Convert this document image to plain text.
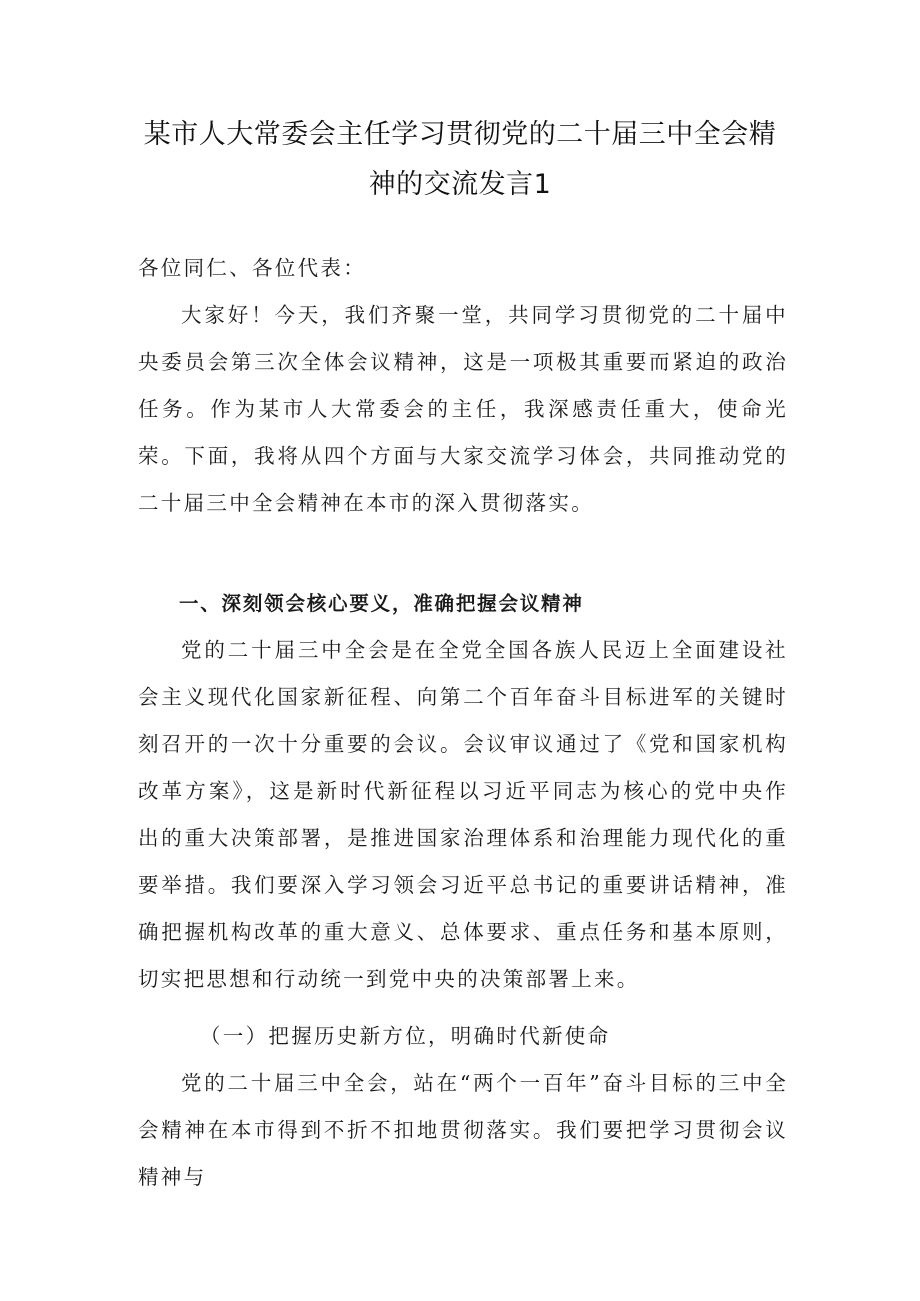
某市人大常委会主任学习贯彻党的二十届三中全会精
神的交流发言1

各位同仁、各位代表：

大家好！今天，我们齐聚一堂，共同学习贯彻党的二十届中央委员会第三次全体会议精神，这是一项极其重要而紧迫的政治任务。作为某市人大常委会的主任，我深感责任重大，使命光荣。下面，我将从四个方面与大家交流学习体会，共同推动党的二十届三中全会精神在本市的深入贯彻落实。

一、深刻领会核心要义，准确把握会议精神

党的二十届三中全会是在全党全国各族人民迈上全面建设社会主义现代化国家新征程、向第二个百年奋斗目标进军的关键时刻召开的一次十分重要的会议。会议审议通过了《党和国家机构改革方案》，这是新时代新征程以习近平同志为核心的党中央作出的重大决策部署，是推进国家治理体系和治理能力现代化的重要举措。我们要深入学习领会习近平总书记的重要讲话精神，准确把握机构改革的重大意义、总体要求、重点任务和基本原则，切实把思想和行动统一到党中央的决策部署上来。

（一）把握历史新方位，明确时代新使命

党的二十届三中全会，站在“两个一百年”奋斗目标的三中全会精神在本市得到不折不扣地贯彻落实。我们要把学习贯彻会议精神与
